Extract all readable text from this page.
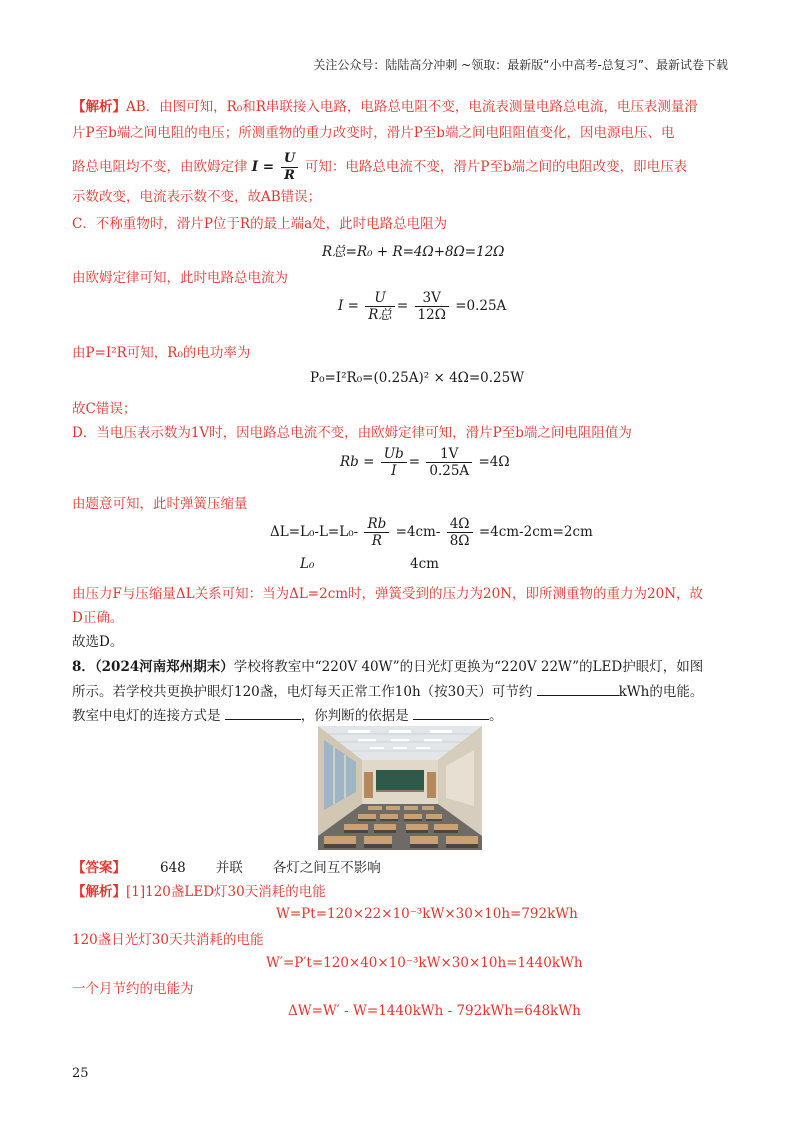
关注公众号：陆陆高分冲刺 ~领取：最新版“小中高考-总复习”、最新试卷下载
【解析】AB．由图可知，R₀和R串联接入电路，电路总电阻不变，电流表测量电路总电流，电压表测量滑
片P至b端之间电阻的电压；所测重物的重力改变时，滑片P至b端之间电阻阻值变化，因电源电压、电
路总电阻均不变，由欧姆定律 $I = \frac{U}{R}$ 可知：电路总电流不变，滑片P至b端之间的电阻改变，即电压表
示数改变，电流表示数不变，故AB错误；
C．不称重物时，滑片P位于R的最上端a处，此时电路总电阻为
R总=R₀ + R=4Ω+8Ω=12Ω
由欧姆定律可知，此时电路总电流为
$I = \frac{U}{\text{R总}} = \frac{3V}{12\Omega} =0.25A$
由P=I²R可知，R₀的电功率为
P₀=I²R₀=(0.25A)² × 4Ω=0.25W
故C错误；
D．当电压表示数为1V时，因电路总电流不变，由欧姆定律可知，滑片P至b端之间电阻阻值为
$Rb = \frac{Ub}{I} = \frac{1V}{0.25A} =4\Omega$
由题意可知，此时弹簧压缩量
$\Delta L=L_0-L=L_0- \frac{Rb}{R} =4cm- \frac{4\Omega}{8\Omega} =4cm-2cm=2cm$
L₀	4cm
由压力F与压缩量ΔL关系可知：当为ΔL=2cm时，弹簧受到的压力为20N，即所测重物的重力为20N，故
D正确。
故选D。
8．（2024河南郑州期末）学校将教室中“220V 40W”的日光灯更换为“220V 22W”的LED护眼灯，如图
所示。若学校共更换护眼灯120盏，电灯每天正常工作10h（按30天）可节约	kWh的电能。
教室中电灯的连接方式是	，你判断的依据是	。
【答案】	648 并联 各灯之间互不影响
【解析】[1]120盏LED灯30天消耗的电能
W=Pt=120×22×10⁻³kW×30×10h=792kWh
120盏日光灯30天共消耗的电能
W′=P′t=120×40×10⁻³kW×30×10h=1440kWh
一个月节约的电能为
ΔW=W′ - W=1440kWh - 792kWh=648kWh
25
